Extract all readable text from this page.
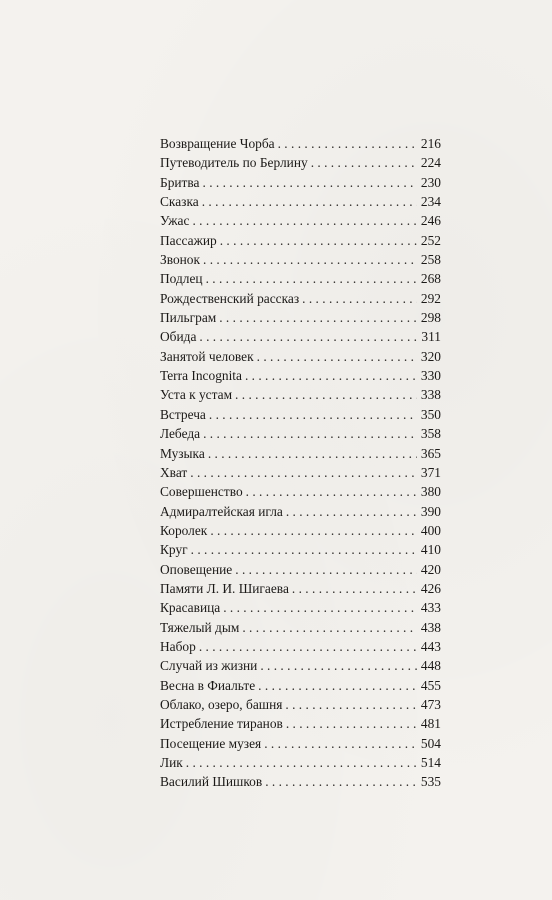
Возвращение Чорба . . .	216
Путеводитель по Берлину . . .	224
Бритва . . .	230
Сказка . . .	234
Ужас . . .	246
Пассажир . . .	252
Звонок . . .	258
Подлец . . .	268
Рождественский рассказ . . .	292
Пильграм . . .	298
Обида . . .	311
Занятой человек . . .	320
Terra Incognita . . .	330
Уста к устам . . .	338
Встреча . . .	350
Лебеда . . .	358
Музыка . . .	365
Хват . . .	371
Совершенство . . .	380
Адмиралтейская игла . . .	390
Королек . . .	400
Круг . . .	410
Оповещение . . .	420
Памяти Л. И. Шигаева . . .	426
Красавица . . .	433
Тяжелый дым . . .	438
Набор . . .	443
Случай из жизни . . .	448
Весна в Фиальте . . .	455
Облако, озеро, башня . . .	473
Истребление тиранов . . .	481
Посещение музея . . .	504
Лик . . .	514
Василий Шишков . . .	535
